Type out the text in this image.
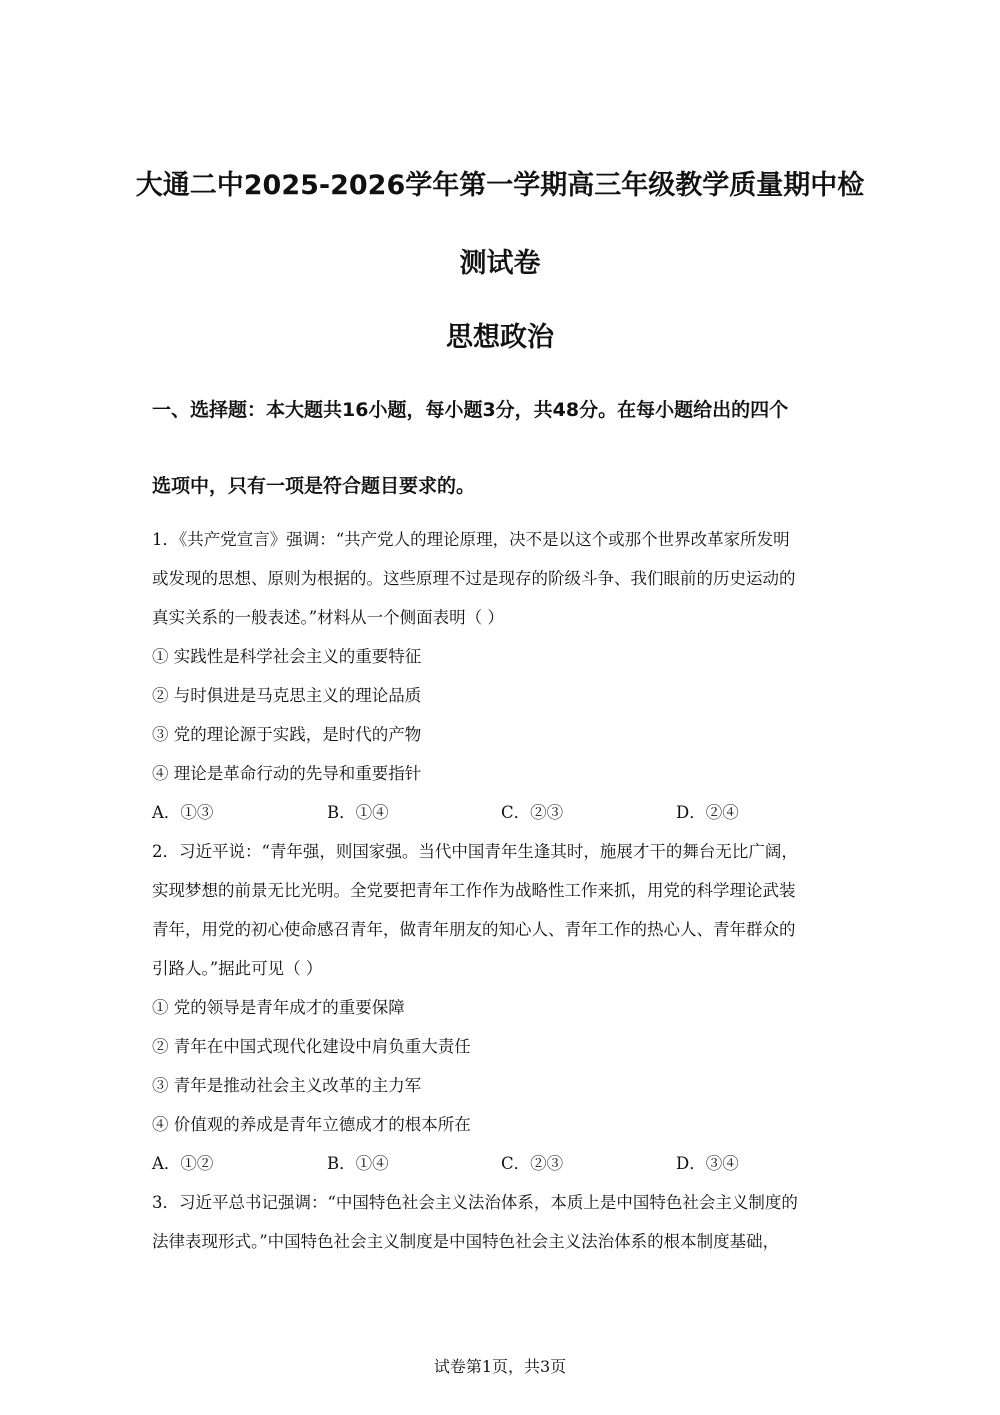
大通二中2025-2026学年第一学期高三年级教学质量期中检
测试卷
思想政治

一、选择题：本大题共16小题，每小题3分，共48分。在每小题给出的四个

选项中，只有一项是符合题目要求的。

1．《共产党宣言》强调：“共产党人的理论原理，决不是以这个或那个世界改革家所发明

或发现的思想、原则为根据的。这些原理不过是现存的阶级斗争、我们眼前的历史运动的

真实关系的一般表述。”材料从一个侧面表明（ ）

① 实践性是科学社会主义的重要特征

② 与时俱进是马克思主义的理论品质

③ 党的理论源于实践，是时代的产物

④ 理论是革命行动的先导和重要指针

A．①③	B．①④	C．②③	D．②④

2．习近平说：“青年强，则国家强。当代中国青年生逢其时，施展才干的舞台无比广阔，

实现梦想的前景无比光明。全党要把青年工作作为战略性工作来抓，用党的科学理论武装

青年，用党的初心使命感召青年，做青年朋友的知心人、青年工作的热心人、青年群众的

引路人。”据此可见（ ）

① 党的领导是青年成才的重要保障

② 青年在中国式现代化建设中肩负重大责任

③ 青年是推动社会主义改革的主力军

④ 价值观的养成是青年立德成才的根本所在

A．①②	B．①④	C．②③	D．③④

3．习近平总书记强调：“中国特色社会主义法治体系，本质上是中国特色社会主义制度的

法律表现形式。”中国特色社会主义制度是中国特色社会主义法治体系的根本制度基础，

试卷第1页，共3页
